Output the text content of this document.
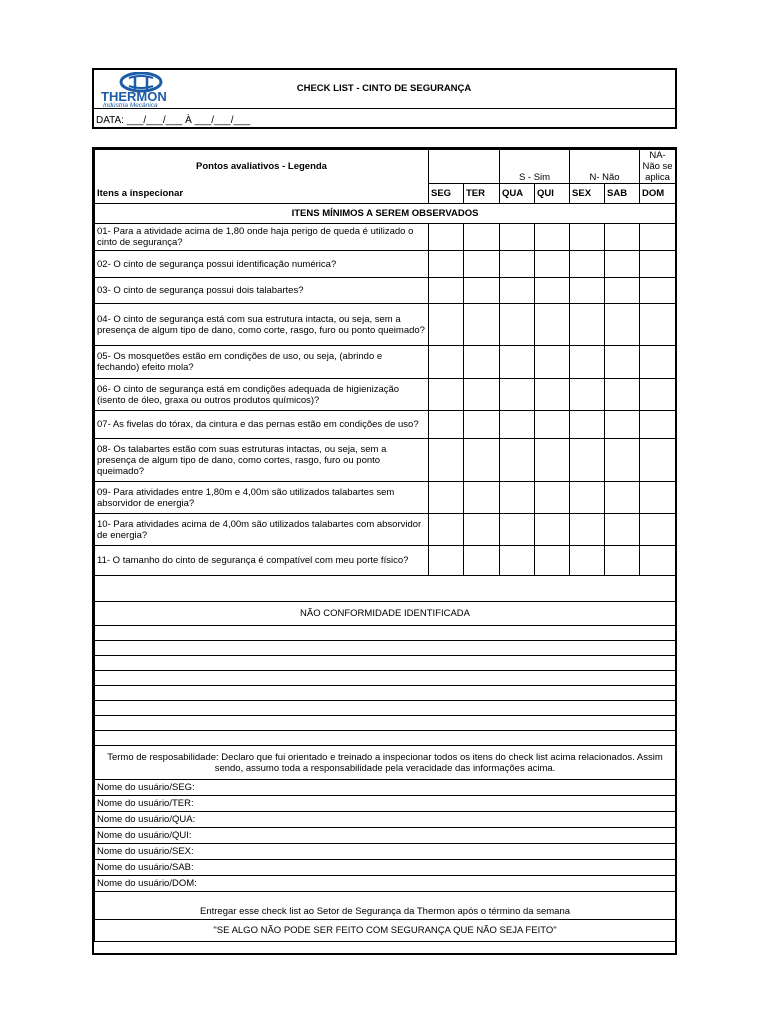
THERMON
Indústria Mecânica
CHECK LIST - CINTO DE SEGURANÇA
DATA: ___/___/___ À ___/___/___
Pontos avaliativos - Legenda			S - Sim		N- Não		NA- Não se aplica
Itens a inspecionar	SEG	TER	QUA	QUI	SEX	SAB	DOM
ITENS MÍNIMOS A SEREM OBSERVADOS							
01- Para a atividade acima de 1,80 onde haja perigo de queda é utilizado o cinto de segurança?							
02- O cinto de segurança possui identificação numérica?							
03- O cinto de segurança possui dois talabartes?							
04- O cinto de segurança está com sua estrutura intacta, ou seja, sem a presença de algum tipo de dano, como corte, rasgo, furo ou ponto queimado?							
05- Os mosquetões estão em condições de uso, ou seja, (abrindo e fechando) efeito mola?							
06- O cinto de segurança está em condições adequada de higienização (isento de óleo, graxa ou outros produtos químicos)?							
07- As fivelas do tórax, da cintura e das pernas estão em condições de uso?							
08- Os talabartes estão com suas estruturas intactas, ou seja, sem a presença de algum tipo de dano, como cortes, rasgo, furo ou ponto queimado?							
09- Para atividades entre 1,80m e 4,00m são utilizados talabartes sem absorvidor de energia?							
10- Para atividades acima de 4,00m são utilizados talabartes com absorvidor de energia?							
11- O tamanho do cinto de segurança é compatível com meu porte físico?							

NÃO CONFORMIDADE IDENTIFICADA							

Termo de resposabilidade: Declaro que fui orientado e treinado a inspecionar todos os itens do check list acima relacionados. Assim sendo, assumo toda a responsabilidade pela veracidade das informações acima.							
Nome do usuário/SEG:							
Nome do usuário/TER:							
Nome do usuário/QUA:							
Nome do usuário/QUI:							
Nome do usuário/SEX:							
Nome do usuário/SAB:							
Nome do usuário/DOM:							
Entregar esse check list ao Setor de Segurança da Thermon após o término da semana							
"SE ALGO NÃO PODE SER FEITO COM SEGURANÇA QUE NÃO SEJA FEITO"							
